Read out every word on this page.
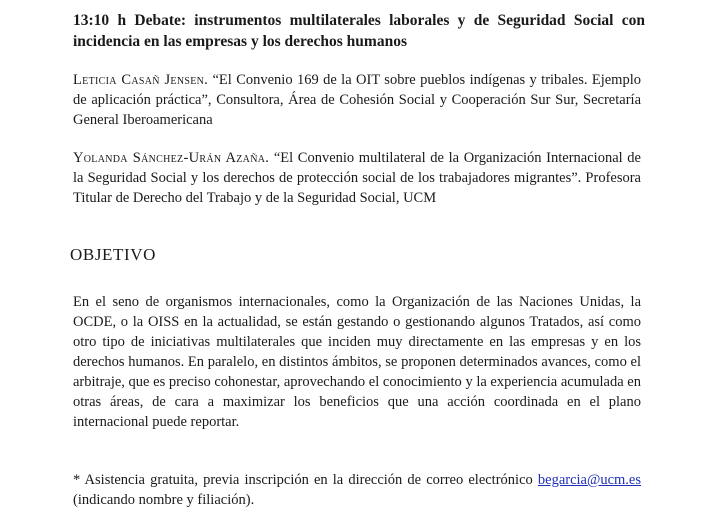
13:10 h Debate: instrumentos multilaterales laborales y de Seguridad Social con incidencia en las empresas y los derechos humanos
Leticia Casañ Jensen. “El Convenio 169 de la OIT sobre pueblos indígenas y tribales. Ejemplo de aplicación práctica”, Consultora, Área de Cohesión Social y Cooperación Sur Sur, Secretaría General Iberoamericana
Yolanda Sánchez-Urán Azaña. “El Convenio multilateral de la Organización Internacional de la Seguridad Social y los derechos de protección social de los trabajadores migrantes”. Profesora Titular de Derecho del Trabajo y de la Seguridad Social, UCM
OBJETIVO
En el seno de organismos internacionales, como la Organización de las Naciones Unidas, la OCDE, o la OISS en la actualidad, se están gestando o gestionando algunos Tratados, así como otro tipo de iniciativas multilaterales que inciden muy directamente en las empresas y en los derechos humanos. En paralelo, en distintos ámbitos, se proponen determinados avances, como el arbitraje, que es preciso cohonestar, aprovechando el conocimiento y la experiencia acumulada en otras áreas, de cara a maximizar los beneficios que una acción coordinada en el plano internacional puede reportar.
* Asistencia gratuita, previa inscripción en la dirección de correo electrónico begarcia@ucm.es (indicando nombre y filiación).
